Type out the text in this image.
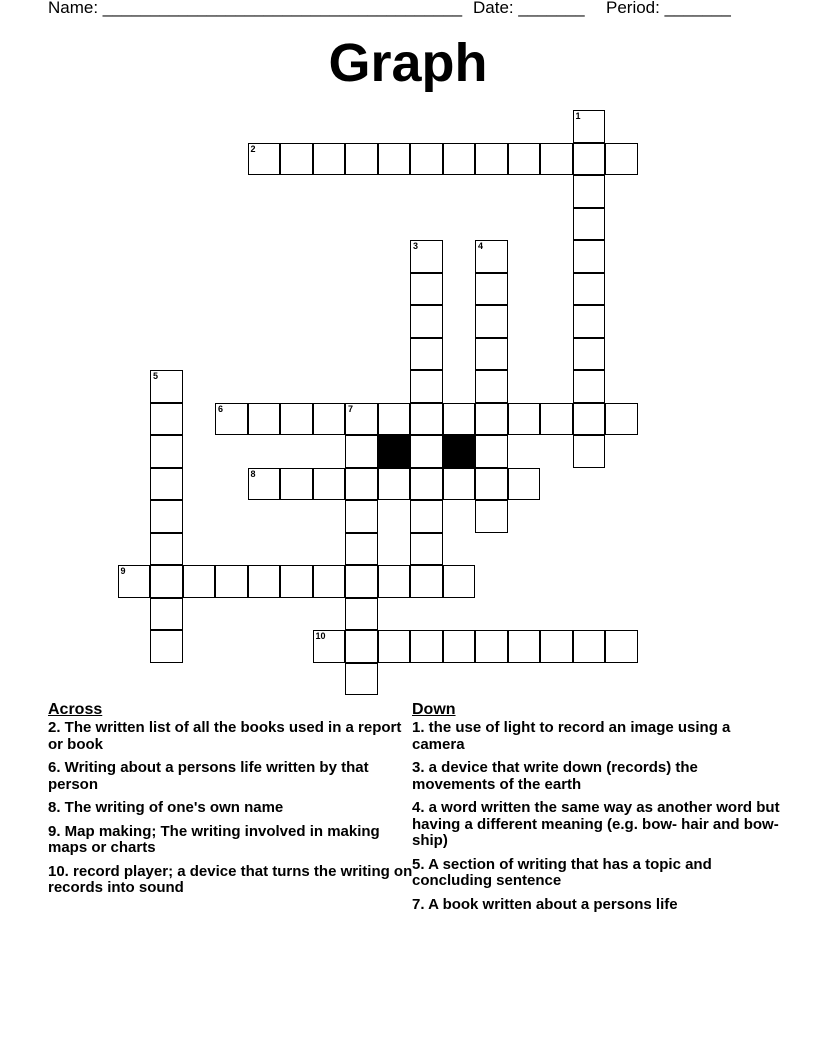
Name: ______________________________________ Date: _______ Period: _______
Graph
1
2
3	4
5
6	7
8
9
10
Across
2. The written list of all the books used in a report or book
6. Writing about a persons life written by that person
8. The writing of one's own name
9. Map making; The writing involved in making maps or charts
10. record player; a device that turns the writing on records into sound
Down
1. the use of light to record an image using a camera
3. a device that write down (records) the movements of the earth
4. a word written the same way as another word but having a different meaning (e.g. bow- hair and bow-ship)
5. A section of writing that has a topic and concluding sentence
7. A book written about a persons life
